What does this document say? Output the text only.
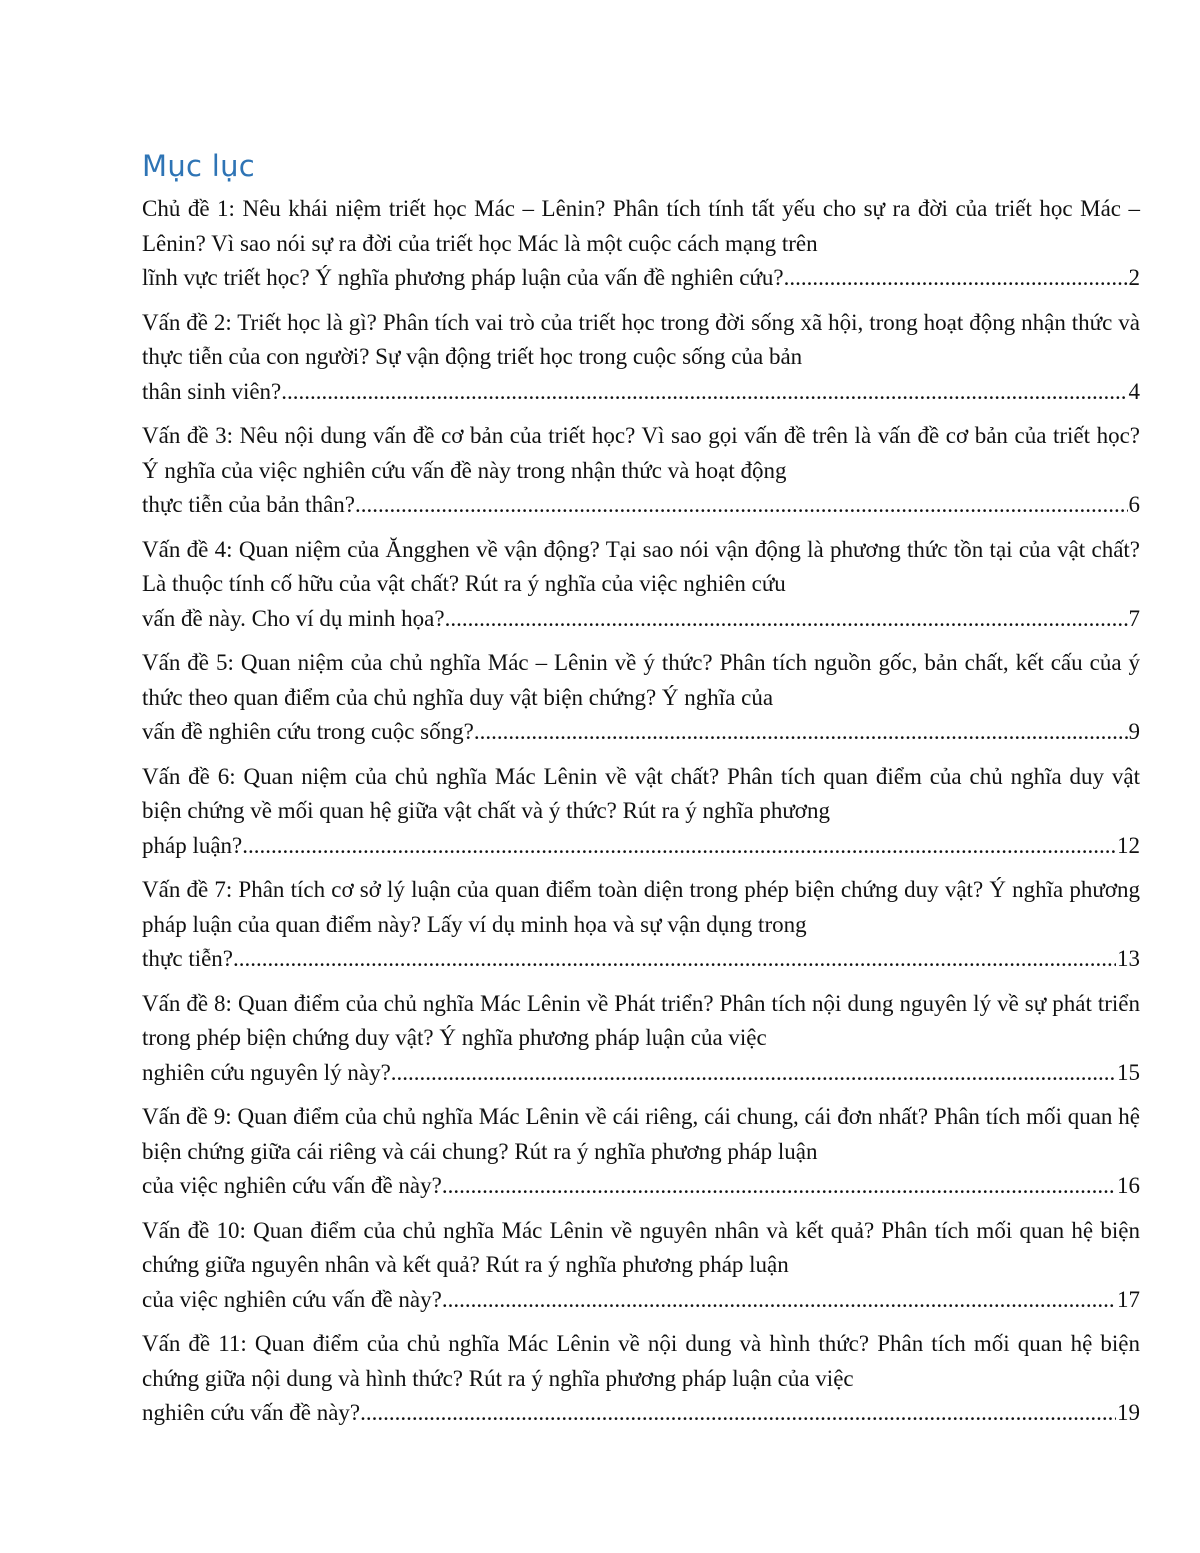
Mục lục
Chủ đề 1: Nêu khái niệm triết học Mác – Lênin? Phân tích tính tất yếu cho sự ra đời của triết học Mác – Lênin? Vì sao nói sự ra đời của triết học Mác là một cuộc cách mạng trên
lĩnh vực triết học? Ý nghĩa phương pháp luận của vấn đề nghiên cứu? .....	2
Vấn đề 2: Triết học là gì? Phân tích vai trò của triết học trong đời sống xã hội, trong hoạt động nhận thức và thực tiễn của con người? Sự vận động triết học trong cuộc sống của bản
thân sinh viên? .....	4
Vấn đề 3: Nêu nội dung vấn đề cơ bản của triết học? Vì sao gọi vấn đề trên là vấn đề cơ bản của triết học? Ý nghĩa của việc nghiên cứu vấn đề này trong nhận thức và hoạt động
thực tiễn của bản thân? .....	6
Vấn đề 4: Quan niệm của Ăngghen về vận động? Tại sao nói vận động là phương thức tồn tại của vật chất? Là thuộc tính cố hữu của vật chất? Rút ra ý nghĩa của việc nghiên cứu
vấn đề này. Cho ví dụ minh họa? .....	7
Vấn đề 5: Quan niệm của chủ nghĩa Mác – Lênin về ý thức? Phân tích nguồn gốc, bản chất, kết cấu của ý thức theo quan điểm của chủ nghĩa duy vật biện chứng? Ý nghĩa của
vấn đề nghiên cứu trong cuộc sống? .....	9
Vấn đề 6: Quan niệm của chủ nghĩa Mác Lênin về vật chất? Phân tích quan điểm của chủ nghĩa duy vật biện chứng về mối quan hệ giữa vật chất và ý thức? Rút ra ý nghĩa phương
pháp luận? .....	12
Vấn đề 7: Phân tích cơ sở lý luận của quan điểm toàn diện trong phép biện chứng duy vật? Ý nghĩa phương pháp luận của quan điểm này? Lấy ví dụ minh họa và sự vận dụng trong
thực tiễn? .....	13
Vấn đề 8: Quan điểm của chủ nghĩa Mác Lênin về Phát triển? Phân tích nội dung nguyên lý về sự phát triển trong phép biện chứng duy vật? Ý nghĩa phương pháp luận của việc
nghiên cứu nguyên lý này? .....	15
Vấn đề 9: Quan điểm của chủ nghĩa Mác Lênin về cái riêng, cái chung, cái đơn nhất? Phân tích mối quan hệ biện chứng giữa cái riêng và cái chung? Rút ra ý nghĩa phương pháp luận
của việc nghiên cứu vấn đề này? .....	16
Vấn đề 10: Quan điểm của chủ nghĩa Mác Lênin về nguyên nhân và kết quả? Phân tích mối quan hệ biện chứng giữa nguyên nhân và kết quả? Rút ra ý nghĩa phương pháp luận
của việc nghiên cứu vấn đề này? .....	17
Vấn đề 11: Quan điểm của chủ nghĩa Mác Lênin về nội dung và hình thức? Phân tích mối quan hệ biện chứng giữa nội dung và hình thức? Rút ra ý nghĩa phương pháp luận của việc
nghiên cứu vấn đề này? .....	19
